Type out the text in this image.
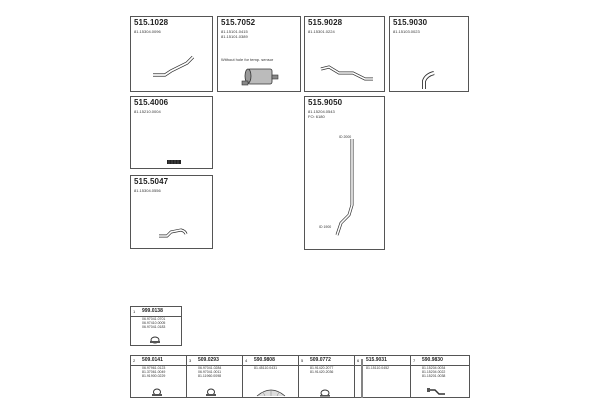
515.1028
81.15304.0096
515.7052
81.15101.0415
81.15101.0389
Without hole for temp. sensor
515.9028
81.15301.0224
515.9030
81.15103.0023
515.4006
81.15210.0004
515.9050
81.15204.0543
FO: 6180
ID 2000
ID 1900
515.5047
81.15304.0556
1 999.0138
06.97041.0701
06.97410.0005
06.97041.0183
2 509.0141
06.97961.0123
81.37061.0049
81.91900.0229
3 509.0293
06.97041.0284
06.97041.0011
81.11960.0098
4 590.9808
81.45110.0431
5 509.0772
81.91420.2077
81.91420.2036
6 515.9031
81.15110.0452
7 590.9830
81.15204.0034
81.15204.0022
81.15201.0038
